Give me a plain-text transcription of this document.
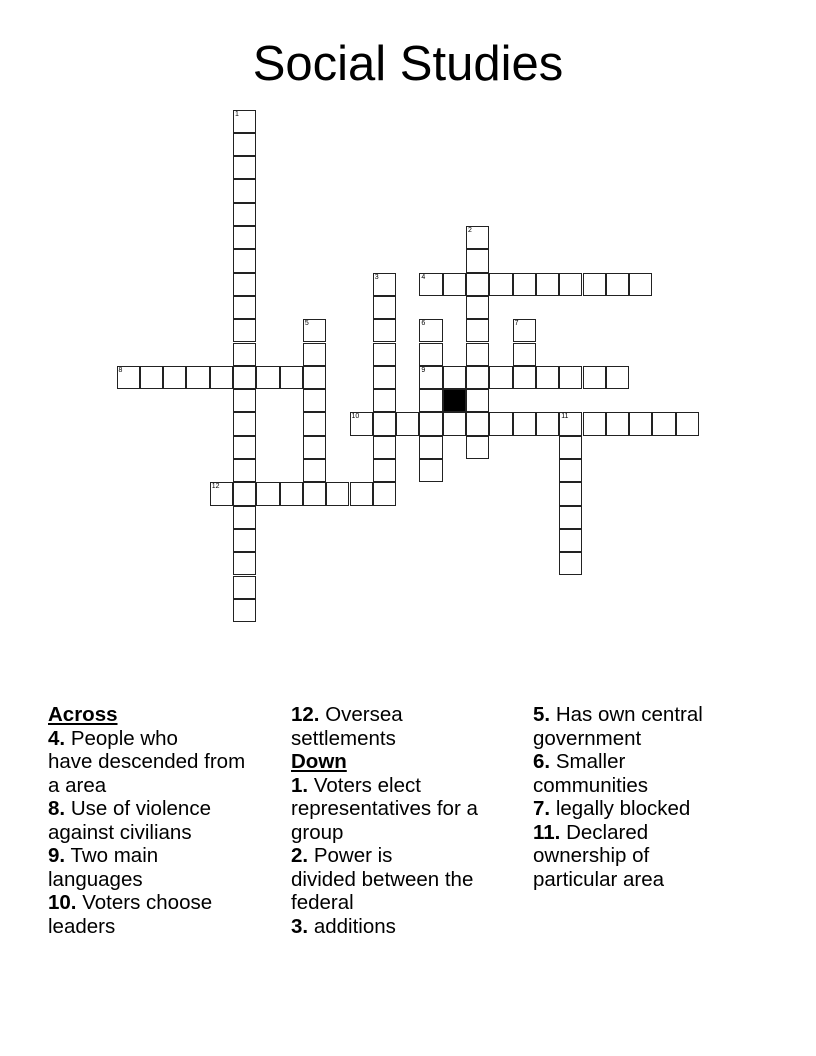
Social Studies
1
2
3	4
5	6
9
7
8
10	11
12
Across
4. People who
have descended from
a area
8. Use of violence
against civilians
9. Two main
languages
10. Voters choose
leaders
12. Oversea
settlements
Down
1. Voters elect
representatives for a
group
2. Power is
divided between the
federal
3. additions
5. Has own central
government
6. Smaller
communities
7. legally blocked
11. Declared
ownership of
particular area
